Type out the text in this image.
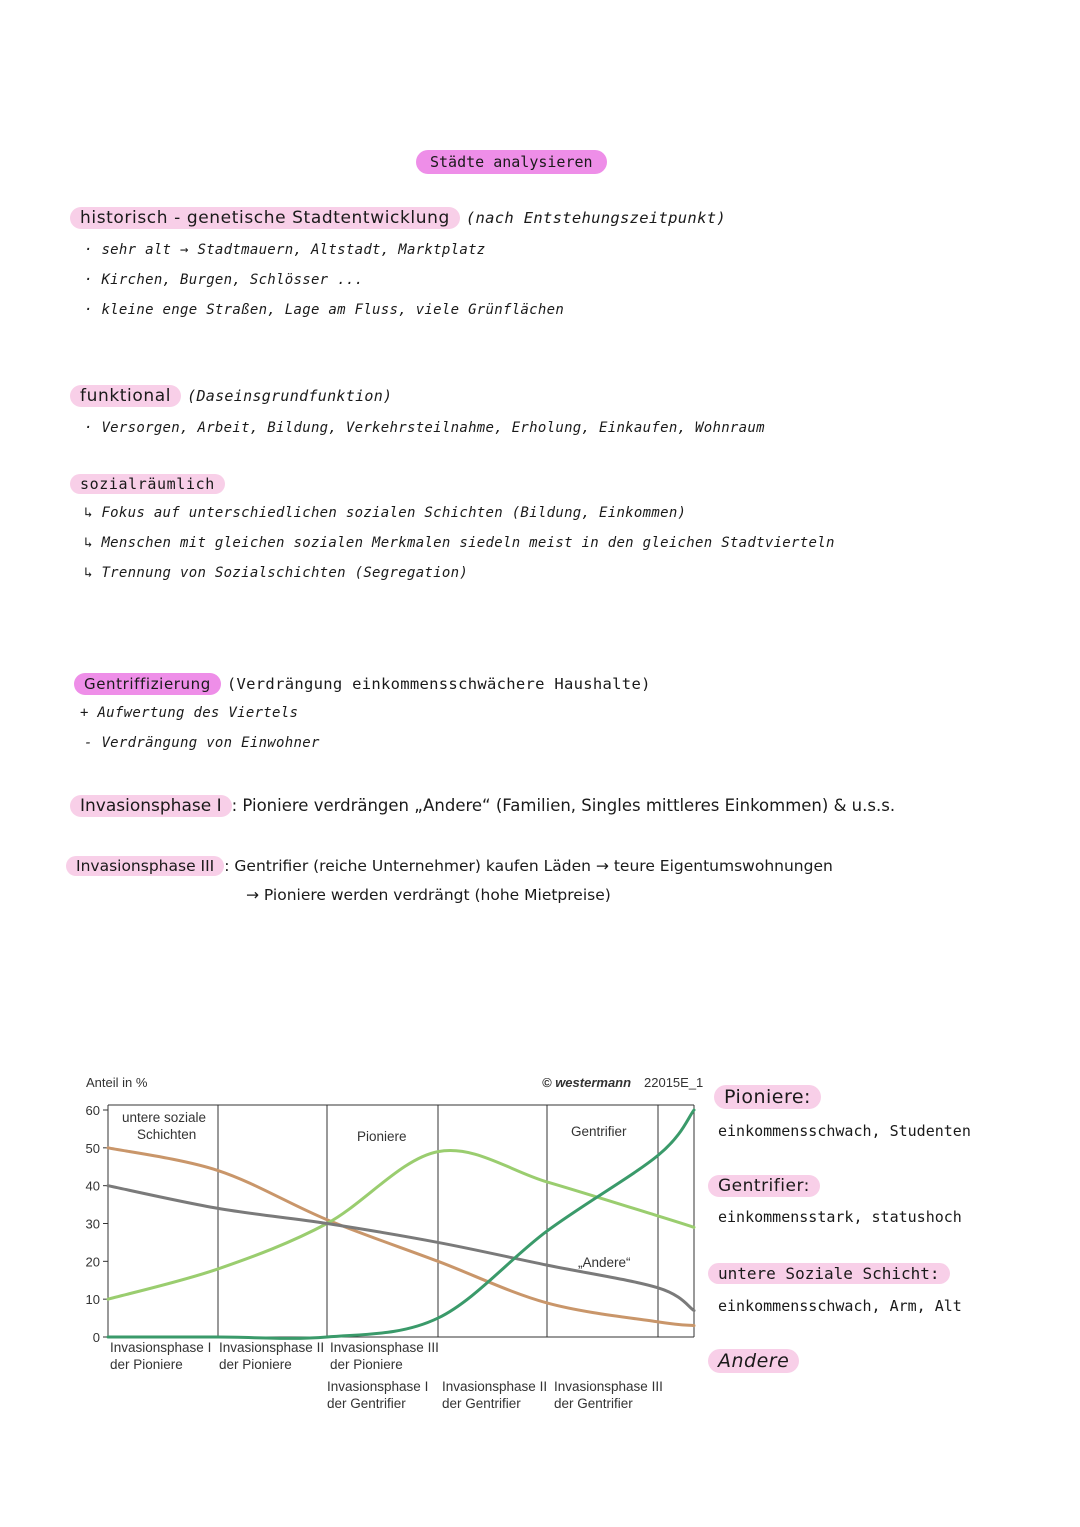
Städte analysieren
historisch - genetische Stadtentwicklung (nach Entstehungszeitpunkt)
· sehr alt → Stadtmauern, Altstadt, Marktplatz
· Kirchen, Burgen, Schlösser ...
· kleine enge Straßen, Lage am Fluss, viele Grünflächen
funktional (Daseinsgrundfunktion)
· Versorgen, Arbeit, Bildung, Verkehrsteilnahme, Erholung, Einkaufen, Wohnraum
sozialräumlich
↳ Fokus auf unterschiedlichen sozialen Schichten (Bildung, Einkommen)
↳ Menschen mit gleichen sozialen Merkmalen siedeln meist in den gleichen Stadtvierteln
↳ Trennung von Sozialschichten (Segregation)
Gentriffizierung (Verdrängung einkommensschwächere Haushalte)
+ Aufwertung des Viertels
- Verdrängung von Einwohner
Invasionsphase I : Pioniere verdrängen „Andere“ (Familien, Singles mittleres Einkommen) & u.s.s.
Invasionsphase III : Gentrifier (reiche Unternehmer) kaufen Läden → teure Eigentumswohnungen
→ Pioniere werden verdrängt (hohe Mietpreise)
0
10
20
30
40
50
60
Anteil in %	© westermann 22015E_1
untere soziale
Schichten	Pioniere	Gentrifier
„Andere“
Invasionsphase I
der Pioniere
Invasionsphase II
der Pioniere
Invasionsphase III
der Pioniere
Invasionsphase I
der Gentrifier
Invasionsphase II
der Gentrifier
Invasionsphase III
der Gentrifier
Pioniere:
einkommensschwach, Studenten
Gentrifier:
einkommensstark, statushoch
untere Soziale Schicht:
einkommensschwach, Arm, Alt
Andere
